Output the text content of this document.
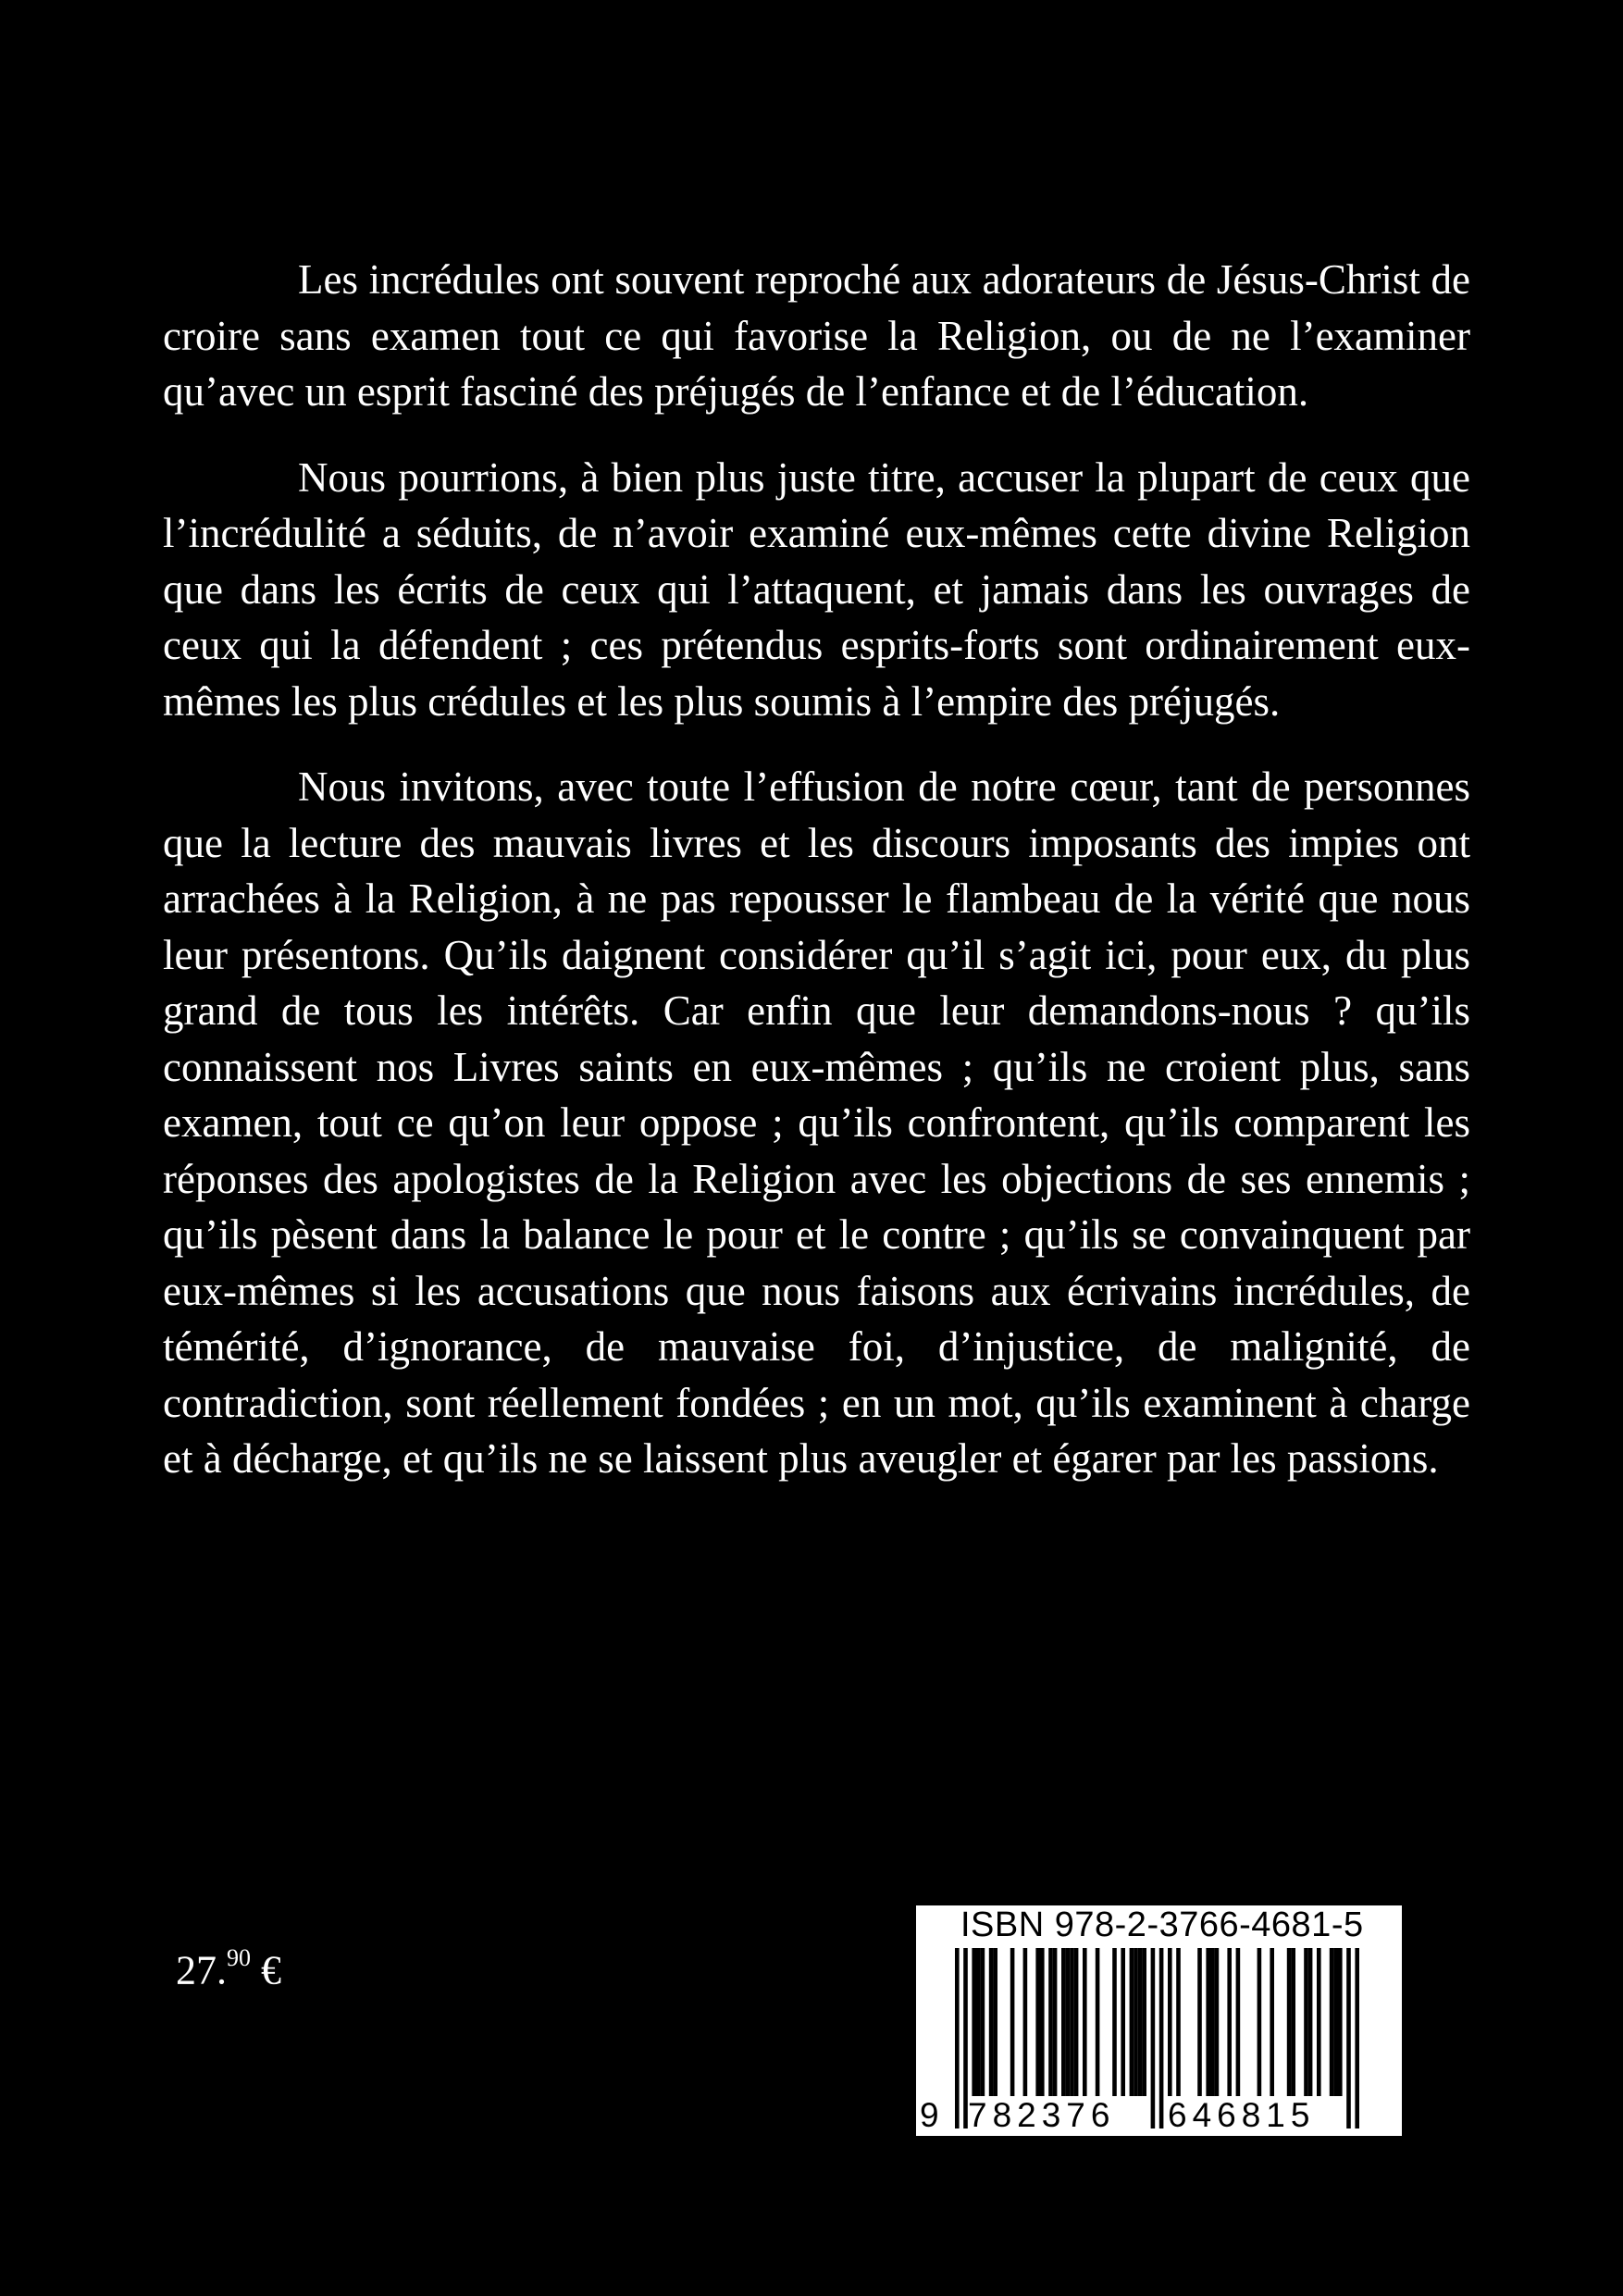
Les incrédules ont souvent reproché aux adorateurs de Jésus-Christ de croire sans examen tout ce qui favorise la Religion, ou de ne l’examiner qu’avec un esprit fasciné des préjugés de l’enfance et de l’éducation.

Nous pourrions, à bien plus juste titre, accuser la plupart de ceux que l’incrédulité a séduits, de n’avoir examiné eux-mêmes cette divine Religion que dans les écrits de ceux qui l’attaquent, et jamais dans les ouvrages de ceux qui la défendent ; ces prétendus esprits-forts sont ordinairement eux-mêmes les plus crédules et les plus soumis à l’empire des préjugés.

Nous invitons, avec toute l’effusion de notre cœur, tant de personnes que la lecture des mauvais livres et les discours imposants des impies ont arrachées à la Religion, à ne pas repousser le flambeau de la vérité que nous leur présentons. Qu’ils daignent considérer qu’il s’agit ici, pour eux, du plus grand de tous les intérêts. Car enfin que leur demandons-nous ? qu’ils connaissent nos Livres saints en eux-mêmes ; qu’ils ne croient plus, sans examen, tout ce qu’on leur oppose ; qu’ils confrontent, qu’ils comparent les réponses des apologistes de la Religion avec les objections de ses ennemis ; qu’ils pèsent dans la balance le pour et le contre ; qu’ils se convainquent par eux-mêmes si les accusations que nous faisons aux écrivains incrédules, de témérité, d’ignorance, de mauvaise foi, d’injustice, de malignité, de contradiction, sont réellement fondées ; en un mot, qu’ils examinent à charge et à décharge, et qu’ils ne se laissent plus aveugler et égarer par les passions.

27.90 €
ISBN 978-2-3766-4681-5
9 782376 646815
